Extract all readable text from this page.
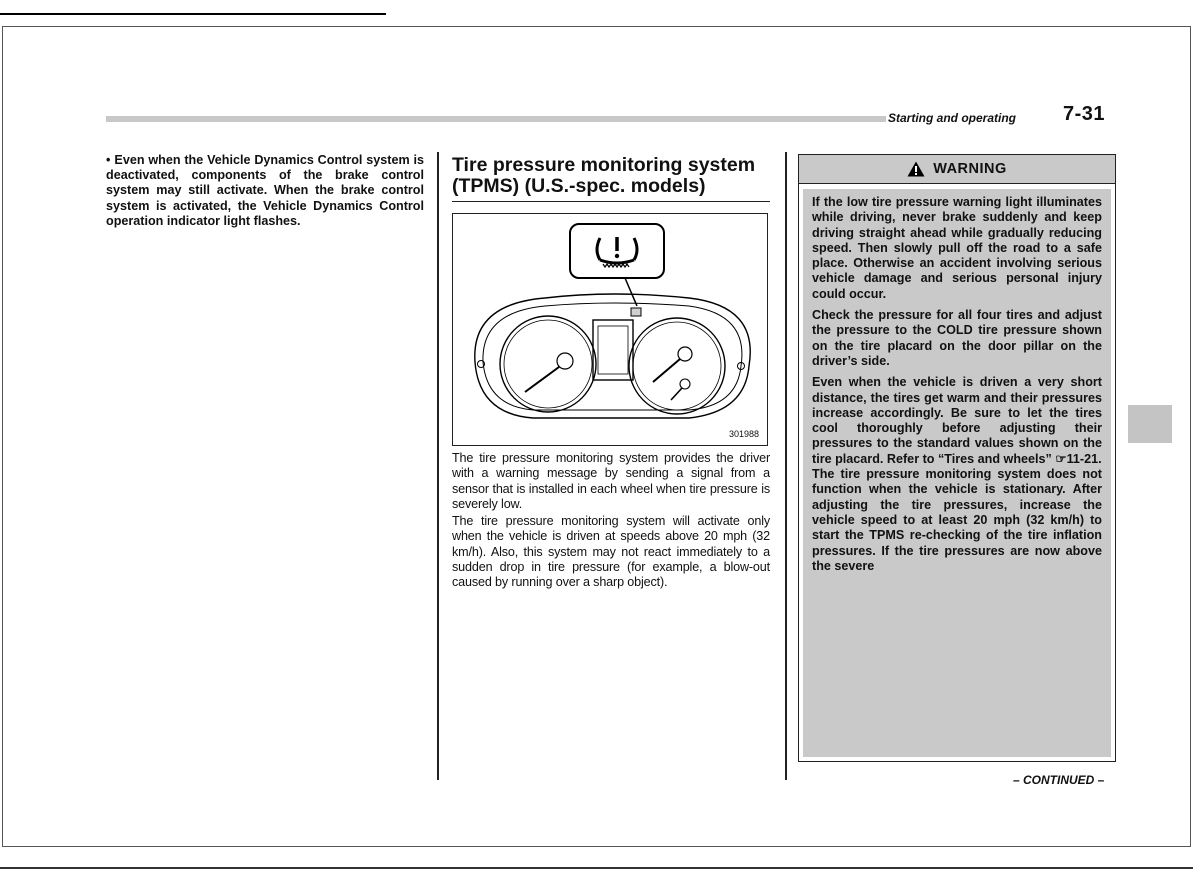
Starting and operating 7-31
• Even when the Vehicle Dynamics Control system is deactivated, components of the brake control system may still activate. When the brake control system is activated, the Vehicle Dynamics Control operation indicator light flashes.
Tire pressure monitoring system (TPMS) (U.S.-spec. models)
301988

The tire pressure monitoring system provides the driver with a warning message by sending a signal from a sensor that is installed in each wheel when tire pressure is severely low.

The tire pressure monitoring system will activate only when the vehicle is driven at speeds above 20 mph (32 km/h). Also, this system may not react immediately to a sudden drop in tire pressure (for example, a blow-out caused by running over a sharp object).

WARNING

If the low tire pressure warning light illuminates while driving, never brake suddenly and keep driving straight ahead while gradually reducing speed. Then slowly pull off the road to a safe place. Otherwise an accident involving serious vehicle damage and serious personal injury could occur.

Check the pressure for all four tires and adjust the pressure to the COLD tire pressure shown on the tire placard on the door pillar on the driver’s side.

Even when the vehicle is driven a very short distance, the tires get warm and their pressures increase accordingly. Be sure to let the tires cool thoroughly before adjusting their pressures to the standard values shown on the tire placard. Refer to “Tires and wheels” ☞11-21.

The tire pressure monitoring system does not function when the vehicle is stationary. After adjusting the tire pressures, increase the vehicle speed to at least 20 mph (32 km/h) to start the TPMS re-checking of the tire inflation pressures. If the tire pressures are now above the severe

– CONTINUED –
